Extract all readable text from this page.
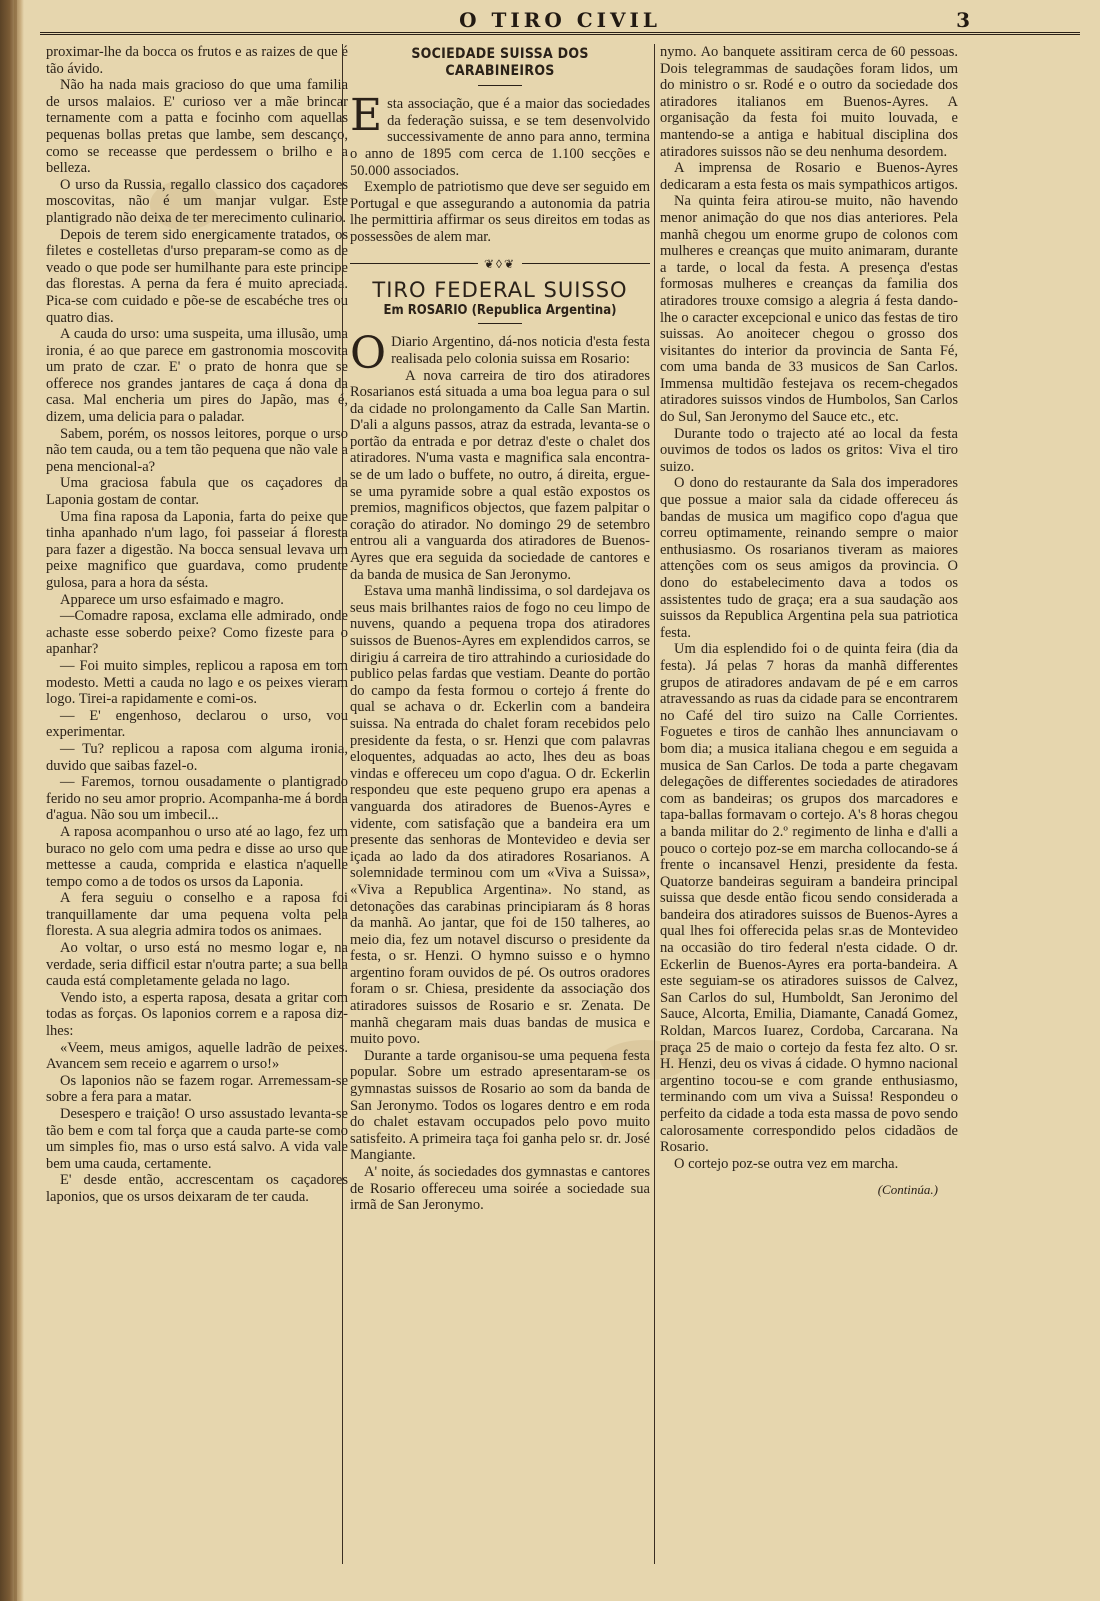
O TIRO CIVIL	3

proximar-lhe da bocca os frutos e as raizes de que é tão ávido.

Não ha nada mais gracioso do que uma familia de ursos malaios. E' curioso ver a mãe brincar ternamente com a patta e focinho com aquellas pequenas bollas pretas que lambe, sem descanço, como se receasse que perdessem o brilho e a belleza.

O urso da Russia, regallo classico dos caçadores moscovitas, não é um manjar vulgar. Este plantigrado não deixa de ter merecimento culinario.

Depois de terem sido energicamente tratados, os filetes e costelletas d'urso preparam-se como as de veado o que pode ser humilhante para este principe das florestas. A perna da fera é muito apreciada. Pica-se com cuidado e põe-se de escabéche tres ou quatro dias.

A cauda do urso: uma suspeita, uma illusão, uma ironia, é ao que parece em gastronomia moscovita um prato de czar. E' o prato de honra que se offerece nos grandes jantares de caça á dona da casa. Mal encheria um pires do Japão, mas é, dizem, uma delicia para o paladar.

Sabem, porém, os nossos leitores, porque o urso não tem cauda, ou a tem tão pequena que não vale a pena mencional-a?

Uma graciosa fabula que os caçadores da Laponia gostam de contar.

Uma fina raposa da Laponia, farta do peixe que tinha apanhado n'um lago, foi passeiar á floresta para fazer a digestão. Na bocca sensual levava um peixe magnifico que guardava, como prudente gulosa, para a hora da sésta.

Apparece um urso esfaimado e magro.

—Comadre raposa, exclama elle admirado, onde achaste esse soberdo peixe? Como fizeste para o apanhar?

— Foi muito simples, replicou a raposa em tom modesto. Metti a cauda no lago e os peixes vieram logo. Tirei-a rapidamente e comi-os.

— E' engenhoso, declarou o urso, vou experimentar.

— Tu? replicou a raposa com alguma ironia, duvido que saibas fazel-o.

— Faremos, tornou ousadamente o plantigrado ferido no seu amor proprio. Acompanha-me á borda d'agua. Não sou um imbecil...

A raposa acompanhou o urso até ao lago, fez um buraco no gelo com uma pedra e disse ao urso que mettesse a cauda, comprida e elastica n'aquelle tempo como a de todos os ursos da Laponia.

A fera seguiu o conselho e a raposa foi tranquillamente dar uma pequena volta pela floresta. A sua alegria admira todos os animaes.

Ao voltar, o urso está no mesmo logar e, na verdade, seria difficil estar n'outra parte; a sua bella cauda está completamente gelada no lago.

Vendo isto, a esperta raposa, desata a gritar com todas as forças. Os laponios correm e a raposa diz-lhes:

«Veem, meus amigos, aquelle ladrão de peixes. Avancem sem receio e agarrem o urso!»

Os laponios não se fazem rogar. Arremessam-se sobre a fera para a matar.

Desespero e traição! O urso assustado levanta-se tão bem e com tal força que a cauda parte-se como um simples fio, mas o urso está salvo. A vida vale bem uma cauda, certamente.

E' desde então, accrescentam os caçadores laponios, que os ursos deixaram de ter cauda.

SOCIEDADE SUISSA DOS CARABINEIROS

Esta associação, que é a maior das sociedades da federação suissa, e se tem desenvolvido successivamente de anno para anno, termina o anno de 1895 com cerca de 1.100 secções e 50.000 associados.

Exemplo de patriotismo que deve ser seguido em Portugal e que assegurando a autonomia da patria lhe permittiria affirmar os seus direitos em todas as possessões de alem mar.

❦◊❦
TIRO FEDERAL SUISSO
Em ROSARIO (Republica Argentina)

O Diario Argentino, dá-nos noticia d'esta festa realisada pelo colonia suissa em Rosario:

A nova carreira de tiro dos atiradores Rosarianos está situada a uma boa legua para o sul da cidade no prolongamento da Calle San Martin. D'ali a alguns passos, atraz da estrada, levanta-se o portão da entrada e por detraz d'este o chalet dos atiradores. N'uma vasta e magnifica sala encontra-se de um lado o buffete, no outro, á direita, ergue-se uma pyramide sobre a qual estão expostos os premios, magnificos objectos, que fazem palpitar o coração do atirador. No domingo 29 de setembro entrou ali a vanguarda dos atiradores de Buenos-Ayres que era seguida da sociedade de cantores e da banda de musica de San Jeronymo.

Estava uma manhã lindissima, o sol dardejava os seus mais brilhantes raios de fogo no ceu limpo de nuvens, quando a pequena tropa dos atiradores suissos de Buenos-Ayres em explendidos carros, se dirigiu á carreira de tiro attrahindo a curiosidade do publico pelas fardas que vestiam. Deante do portão do campo da festa formou o cortejo á frente do qual se achava o dr. Eckerlin com a bandeira suissa. Na entrada do chalet foram recebidos pelo presidente da festa, o sr. Henzi que com palavras eloquentes, adquadas ao acto, lhes deu as boas vindas e offereceu um copo d'agua. O dr. Eckerlin respondeu que este pequeno grupo era apenas a vanguarda dos atiradores de Buenos-Ayres e vidente, com satisfação que a bandeira era um presente das senhoras de Montevideo e devia ser içada ao lado da dos atiradores Rosarianos. A solemnidade terminou com um «Viva a Suissa», «Viva a Republica Argentina». No stand, as detonações das carabinas principiaram ás 8 horas da manhã. Ao jantar, que foi de 150 talheres, ao meio dia, fez um notavel discurso o presidente da festa, o sr. Henzi. O hymno suisso e o hymno argentino foram ouvidos de pé. Os outros oradores foram o sr. Chiesa, presidente da associação dos atiradores suissos de Rosario e sr. Zenata. De manhã chegaram mais duas bandas de musica e muito povo.

Durante a tarde organisou-se uma pequena festa popular. Sobre um estrado apresentaram-se os gymnastas suissos de Rosario ao som da banda de San Jeronymo. Todos os logares dentro e em roda do chalet estavam occupados pelo povo muito satisfeito. A primeira taça foi ganha pelo sr. dr. José Mangiante.

A' noite, ás sociedades dos gymnastas e cantores de Rosario offereceu uma soirée a sociedade sua irmã de San Jeronymo.

nymo. Ao banquete assitiram cerca de 60 pessoas. Dois telegrammas de saudações foram lidos, um do ministro o sr. Rodé e o outro da sociedade dos atiradores italianos em Buenos-Ayres. A organisação da festa foi muito louvada, e mantendo-se a antiga e habitual disciplina dos atiradores suissos não se deu nenhuma desordem.

A imprensa de Rosario e Buenos-Ayres dedicaram a esta festa os mais sympathicos artigos.

Na quinta feira atirou-se muito, não havendo menor animação do que nos dias anteriores. Pela manhã chegou um enorme grupo de colonos com mulheres e creanças que muito animaram, durante a tarde, o local da festa. A presença d'estas formosas mulheres e creanças da familia dos atiradores trouxe comsigo a alegria á festa dando-lhe o caracter excepcional e unico das festas de tiro suissas. Ao anoitecer chegou o grosso dos visitantes do interior da provincia de Santa Fé, com uma banda de 33 musicos de San Carlos. Immensa multidão festejava os recem-chegados atiradores suissos vindos de Humbolos, San Carlos do Sul, San Jeronymo del Sauce etc., etc.

Durante todo o trajecto até ao local da festa ouvimos de todos os lados os gritos: Viva el tiro suizo.

O dono do restaurante da Sala dos imperadores que possue a maior sala da cidade offereceu ás bandas de musica um magifico copo d'agua que correu optimamente, reinando sempre o maior enthusiasmo. Os rosarianos tiveram as maiores attenções com os seus amigos da provincia. O dono do estabelecimento dava a todos os assistentes tudo de graça; era a sua saudação aos suissos da Republica Argentina pela sua patriotica festa.

Um dia esplendido foi o de quinta feira (dia da festa). Já pelas 7 horas da manhã differentes grupos de atiradores andavam de pé e em carros atravessando as ruas da cidade para se encontrarem no Café del tiro suizo na Calle Corrientes. Foguetes e tiros de canhão lhes annunciavam o bom dia; a musica italiana chegou e em seguida a musica de San Carlos. De toda a parte chegavam delegações de differentes sociedades de atiradores com as bandeiras; os grupos dos marcadores e tapa-ballas formavam o cortejo. A's 8 horas chegou a banda militar do 2.º regimento de linha e d'alli a pouco o cortejo poz-se em marcha collocando-se á frente o incansavel Henzi, presidente da festa. Quatorze bandeiras seguiram a bandeira principal suissa que desde então ficou sendo considerada a bandeira dos atiradores suissos de Buenos-Ayres a qual lhes foi offerecida pelas sr.as de Montevideo na occasião do tiro federal n'esta cidade. O dr. Eckerlin de Buenos-Ayres era porta-bandeira. A este seguiam-se os atiradores suissos de Calvez, San Carlos do sul, Humboldt, San Jeronimo del Sauce, Alcorta, Emilia, Diamante, Canadá Gomez, Roldan, Marcos Iuarez, Cordoba, Carcarana. Na praça 25 de maio o cortejo da festa fez alto. O sr. H. Henzi, deu os vivas á cidade. O hymno nacional argentino tocou-se e com grande enthusiasmo, terminando com um viva a Suissa! Respondeu o perfeito da cidade a toda esta massa de povo sendo calorosamente correspondido pelos cidadãos de Rosario.

O cortejo poz-se outra vez em marcha.

(Continúa.)
